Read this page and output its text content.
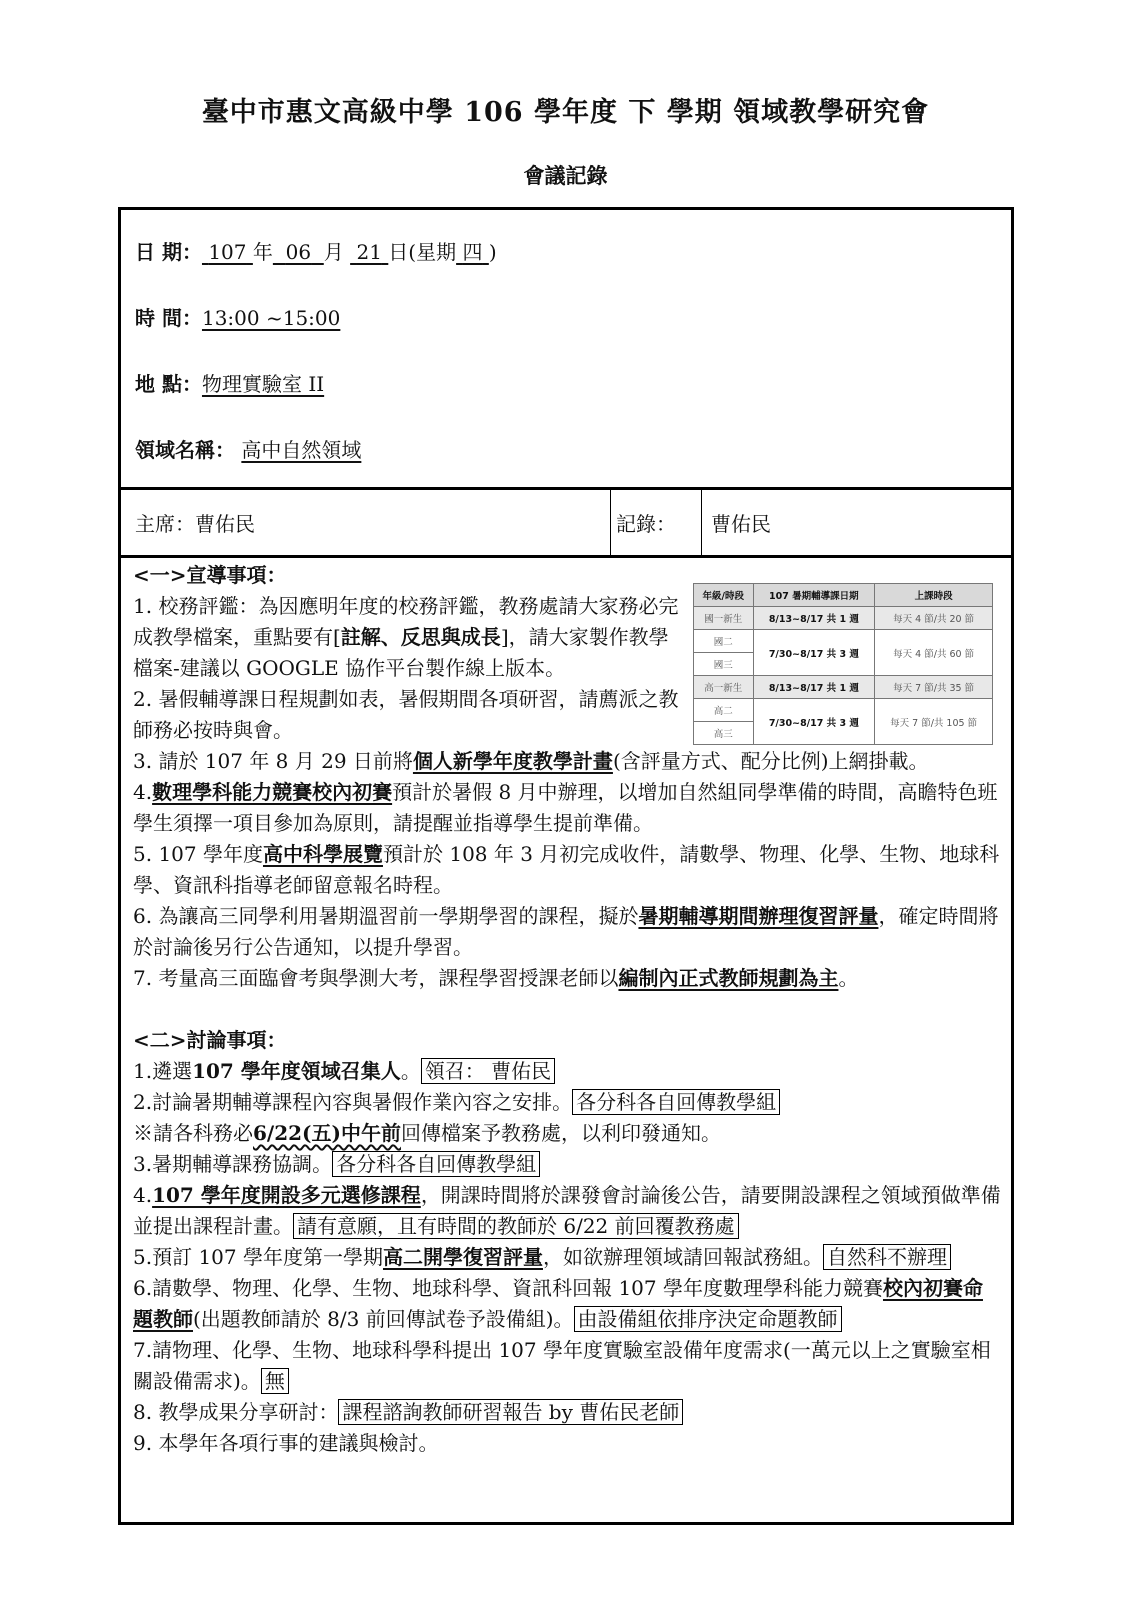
臺中市惠文高級中學 106 學年度 下 學期 領域教學研究會
會議記錄
日 期： 107 年 06 月 21 日(星期 四 )
時 間：13:00 ~15:00
地 點：物理實驗室 II
領域名稱： 高中自然領域
主席：曹佑民	記錄： 曹佑民
年級/時段	107 暑期輔導課日期	上課時段
國一新生	8/13~8/17 共 1 週	每天 4 節/共 20 節
國二	7/30~8/17 共 3 週	每天 4 節/共 60 節
國三		
高一新生	8/13~8/17 共 1 週	每天 7 節/共 35 節
高二	7/30~8/17 共 3 週	每天 7 節/共 105 節
高三		

<一>宣導事項：

1. 校務評鑑：為因應明年度的校務評鑑，教務處請大家務必完成教學檔案，重點要有[註解、反思與成長]，請大家製作教學檔案-建議以 GOOGLE 協作平台製作線上版本。
2. 暑假輔導課日程規劃如表，暑假期間各項研習，請薦派之教師務必按時與會。

3. 請於 107 年 8 月 29 日前將個人新學年度教學計畫(含評量方式、配分比例)上網掛載。

4.數理學科能力競賽校內初賽預計於暑假 8 月中辦理，以增加自然組同學準備的時間，高瞻特色班學生須擇一項目參加為原則，請提醒並指導學生提前準備。

5. 107 學年度高中科學展覽預計於 108 年 3 月初完成收件，請數學、物理、化學、生物、地球科學、資訊科指導老師留意報名時程。

6. 為讓高三同學利用暑期溫習前一學期學習的課程，擬於暑期輔導期間辦理復習評量，確定時間將於討論後另行公告通知，以提升學習。

7. 考量高三面臨會考與學測大考，課程學習授課老師以編制內正式教師規劃為主。

<二>討論事項：

1.遴選107 學年度領域召集人。 領召： 曹佑民

2.討論暑期輔導課程內容與暑假作業內容之安排。 各分科各自回傳教學組

※請各科務必6/22(五)中午前回傳檔案予教務處，以利印發通知。

3.暑期輔導課務協調。 各分科各自回傳教學組

4.107 學年度開設多元選修課程，開課時間將於課發會討論後公告，請要開設課程之領域預做準備並提出課程計畫。 請有意願，且有時間的教師於 6/22 前回覆教務處

5.預訂 107 學年度第一學期高二開學復習評量，如欲辦理領域請回報試務組。 自然科不辦理

6.請數學、物理、化學、生物、地球科學、資訊科回報 107 學年度數理學科能力競賽校內初賽命題教師(出題教師請於 8/3 前回傳試卷予設備組)。 由設備組依排序決定命題教師

7.請物理、化學、生物、地球科學科提出 107 學年度實驗室設備年度需求(一萬元以上之實驗室相關設備需求)。 無

8. 教學成果分享研討： 課程諮詢教師研習報告 by 曹佑民老師

9. 本學年各項行事的建議與檢討。
